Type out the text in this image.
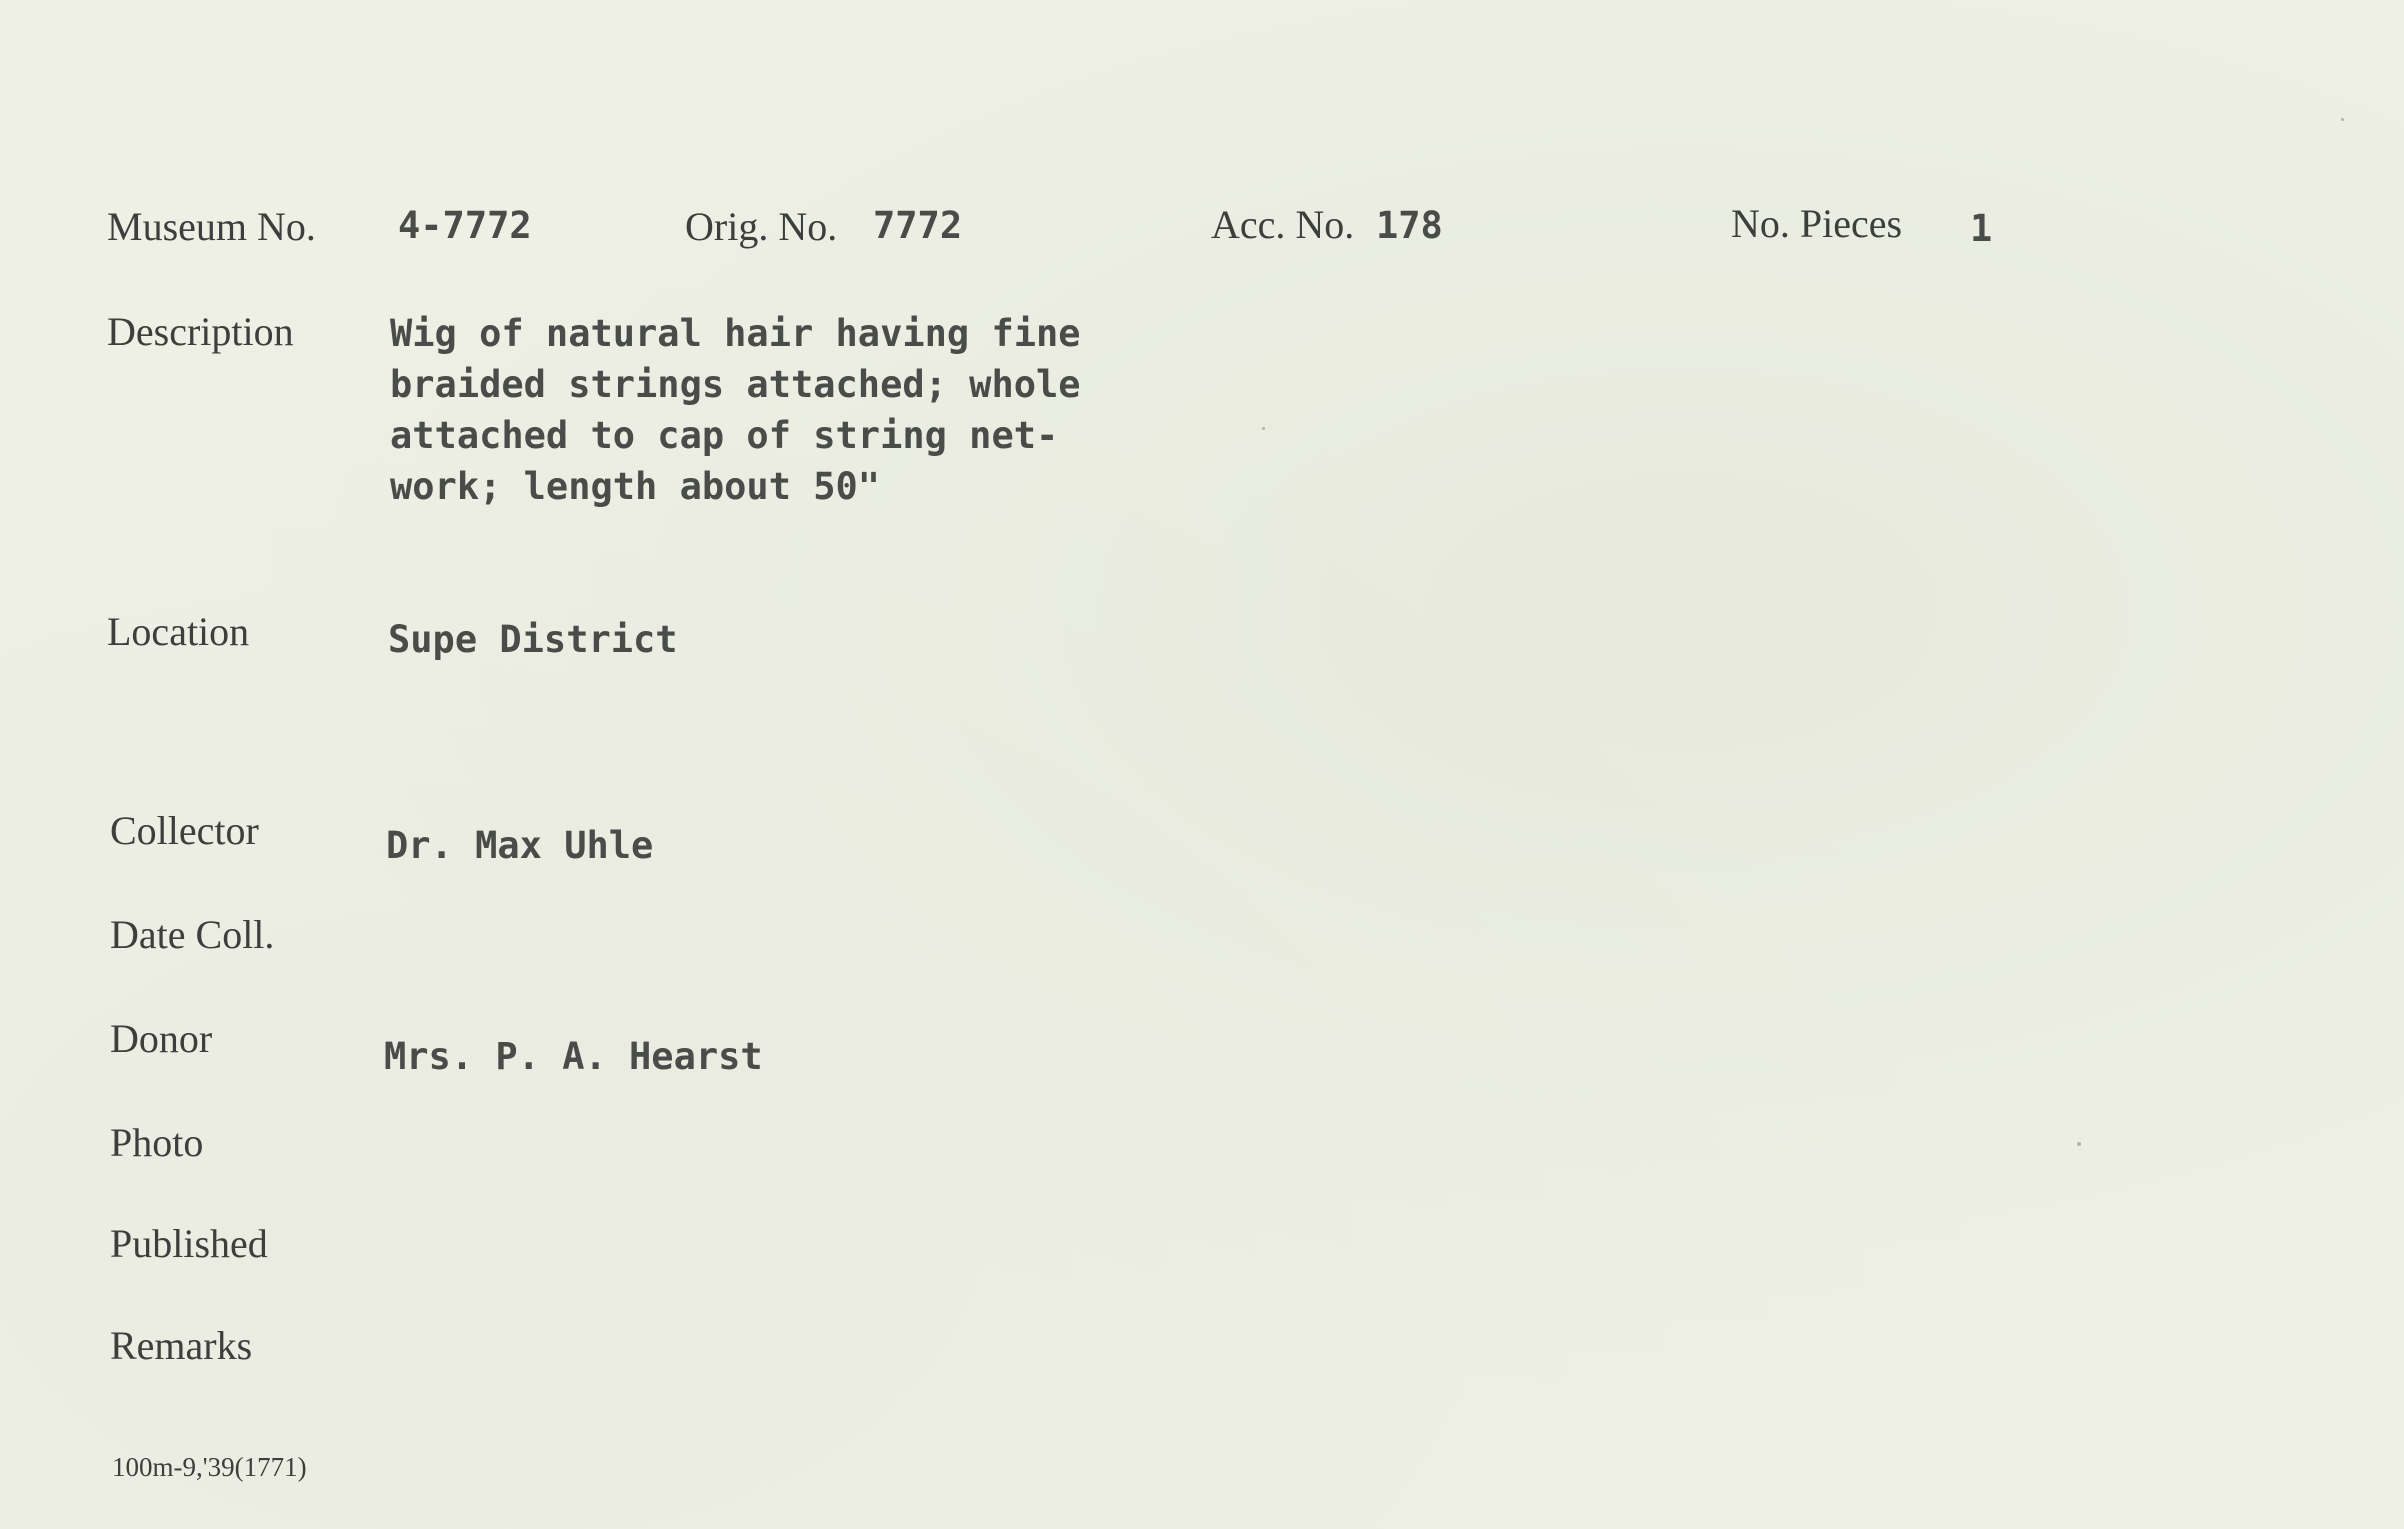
Museum No. 4-7772	Orig. No. 7772	Acc. No. 178	No. Pieces 1
Description	Wig of natural hair having fine
braided strings attached; whole
attached to cap of string net-
work; length about 50"
Location	Supe District
Collector	Dr. Max Uhle
Date Coll.
Donor	Mrs. P. A. Hearst
Photo
Published
Remarks
100m-9,'39(1771)
